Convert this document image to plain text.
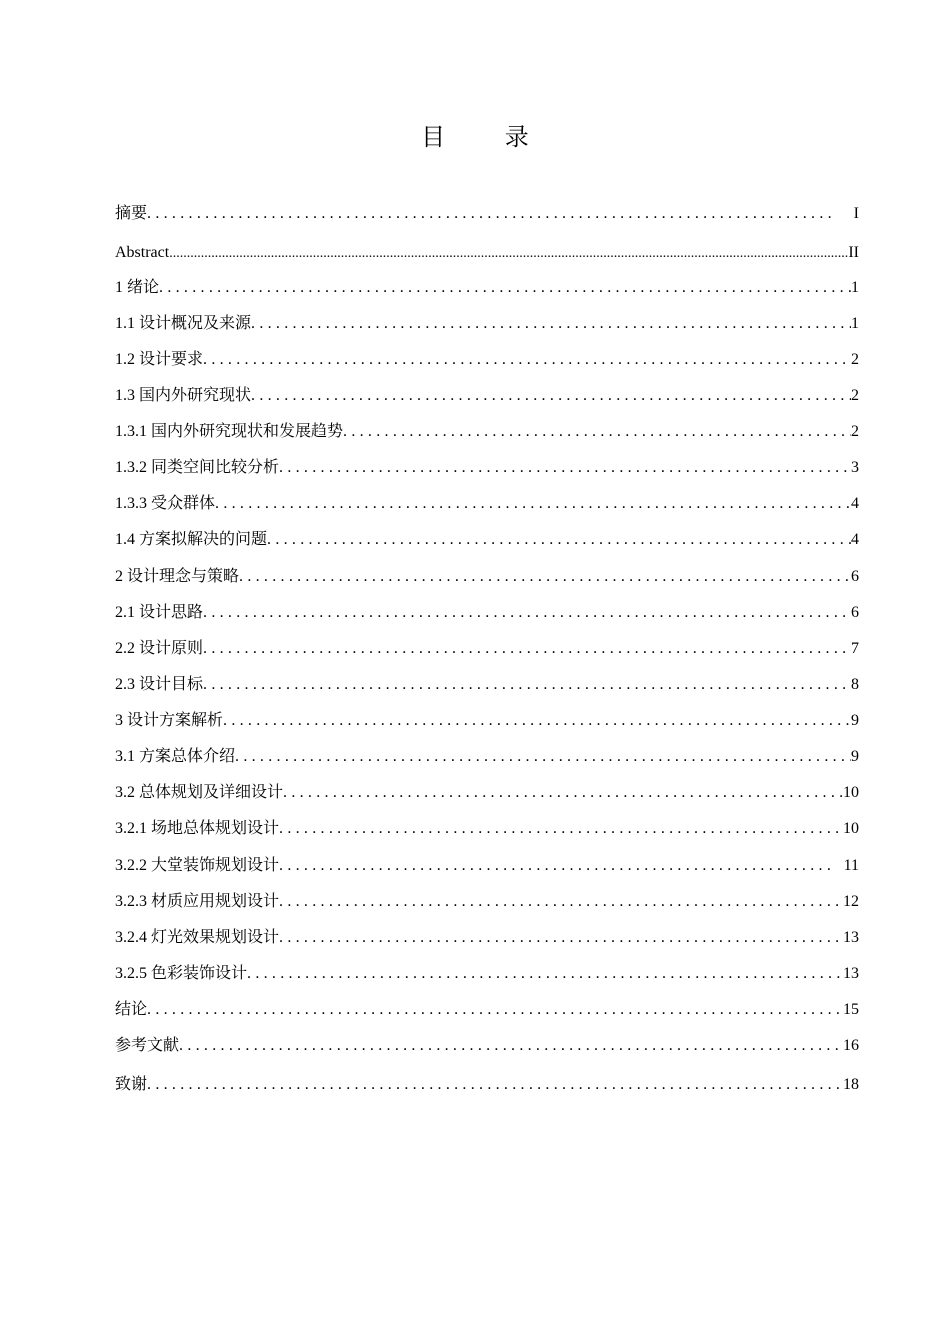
目 录
摘要 .....	I
Abstract .....	II
1 绪论 .....	1
1.1 设计概况及来源 .....	1
1.2 设计要求 .....	2
1.3 国内外研究现状 .....	2
1.3.1 国内外研究现状和发展趋势 .....	2
1.3.2 同类空间比较分析 .....	3
1.3.3 受众群体 .....	4
1.4 方案拟解决的问题 .....	4
2 设计理念与策略 .....	6
2.1 设计思路 .....	6
2.2 设计原则 .....	7
2.3 设计目标 .....	8
3 设计方案解析 .....	9
3.1 方案总体介绍 .....	9
3.2 总体规划及详细设计 .....	10
3.2.1 场地总体规划设计 .....	10
3.2.2 大堂装饰规划设计 .....	11
3.2.3 材质应用规划设计 .....	12
3.2.4 灯光效果规划设计 .....	13
3.2.5 色彩装饰设计 .....	13
结论 .....	15
参考文献 .....	16
致谢 .....	18
